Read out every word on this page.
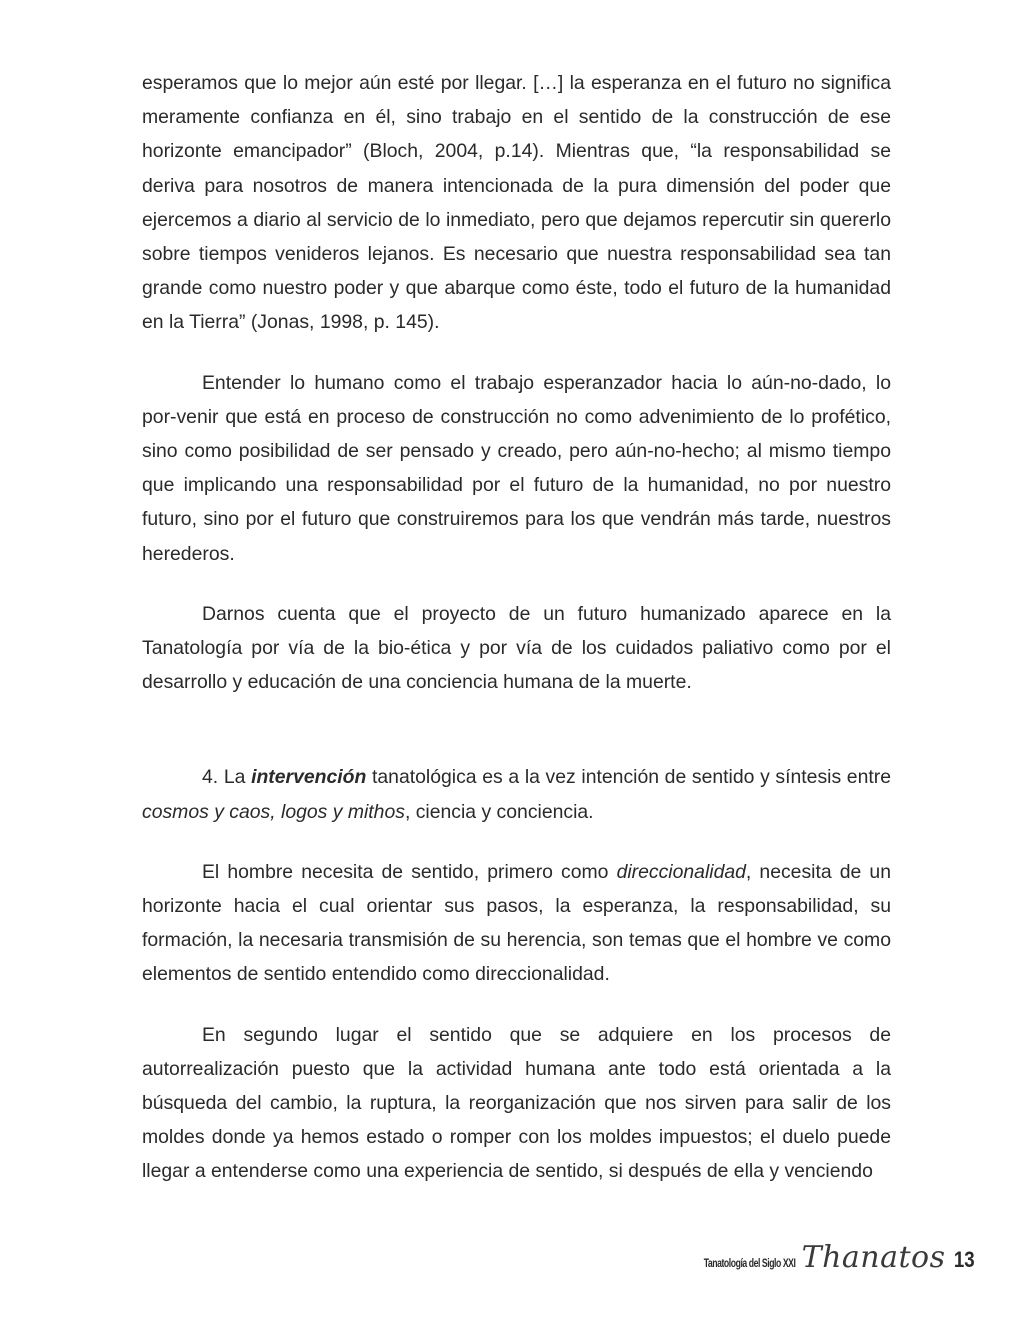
esperamos que lo mejor aún esté por llegar. […] la esperanza en el futuro no significa meramente confianza en él, sino trabajo en el sentido de la construcción de ese horizonte emancipador” (Bloch, 2004, p.14). Mientras que, “la responsabilidad se deriva para nosotros de manera intencionada de la pura dimensión del poder que ejercemos a diario al servicio de lo inmediato, pero que dejamos repercutir sin quererlo sobre tiempos venideros lejanos. Es necesario que nuestra responsabilidad sea tan grande como nuestro poder y que abarque como éste, todo el futuro de la humanidad en la Tierra” (Jonas, 1998, p. 145).

Entender lo humano como el trabajo esperanzador hacia lo aún-no-dado, lo por-venir que está en proceso de construcción no como advenimiento de lo profético, sino como posibilidad de ser pensado y creado, pero aún-no-hecho; al mismo tiempo que implicando una responsabilidad por el futuro de la humanidad, no por nuestro futuro, sino por el futuro que construiremos para los que vendrán más tarde, nuestros herederos.

Darnos cuenta que el proyecto de un futuro humanizado aparece en la Tanatología por vía de la bio-ética y por vía de los cuidados paliativo como por el desarrollo y educación de una conciencia humana de la muerte.

4. La intervención tanatológica es a la vez intención de sentido y síntesis entre cosmos y caos, logos y mithos, ciencia y conciencia.

El hombre necesita de sentido, primero como direccionalidad, necesita de un horizonte hacia el cual orientar sus pasos, la esperanza, la responsabilidad, su formación, la necesaria transmisión de su herencia, son temas que el hombre ve como elementos de sentido entendido como direccionalidad.

En segundo lugar el sentido que se adquiere en los procesos de autorrealización puesto que la actividad humana ante todo está orientada a la búsqueda del cambio, la ruptura, la reorganización que nos sirven para salir de los moldes donde ya hemos estado o romper con los moldes impuestos; el duelo puede llegar a entenderse como una experiencia de sentido, si después de ella y venciendo

Tanatología del Siglo XXI Thanatos 13
